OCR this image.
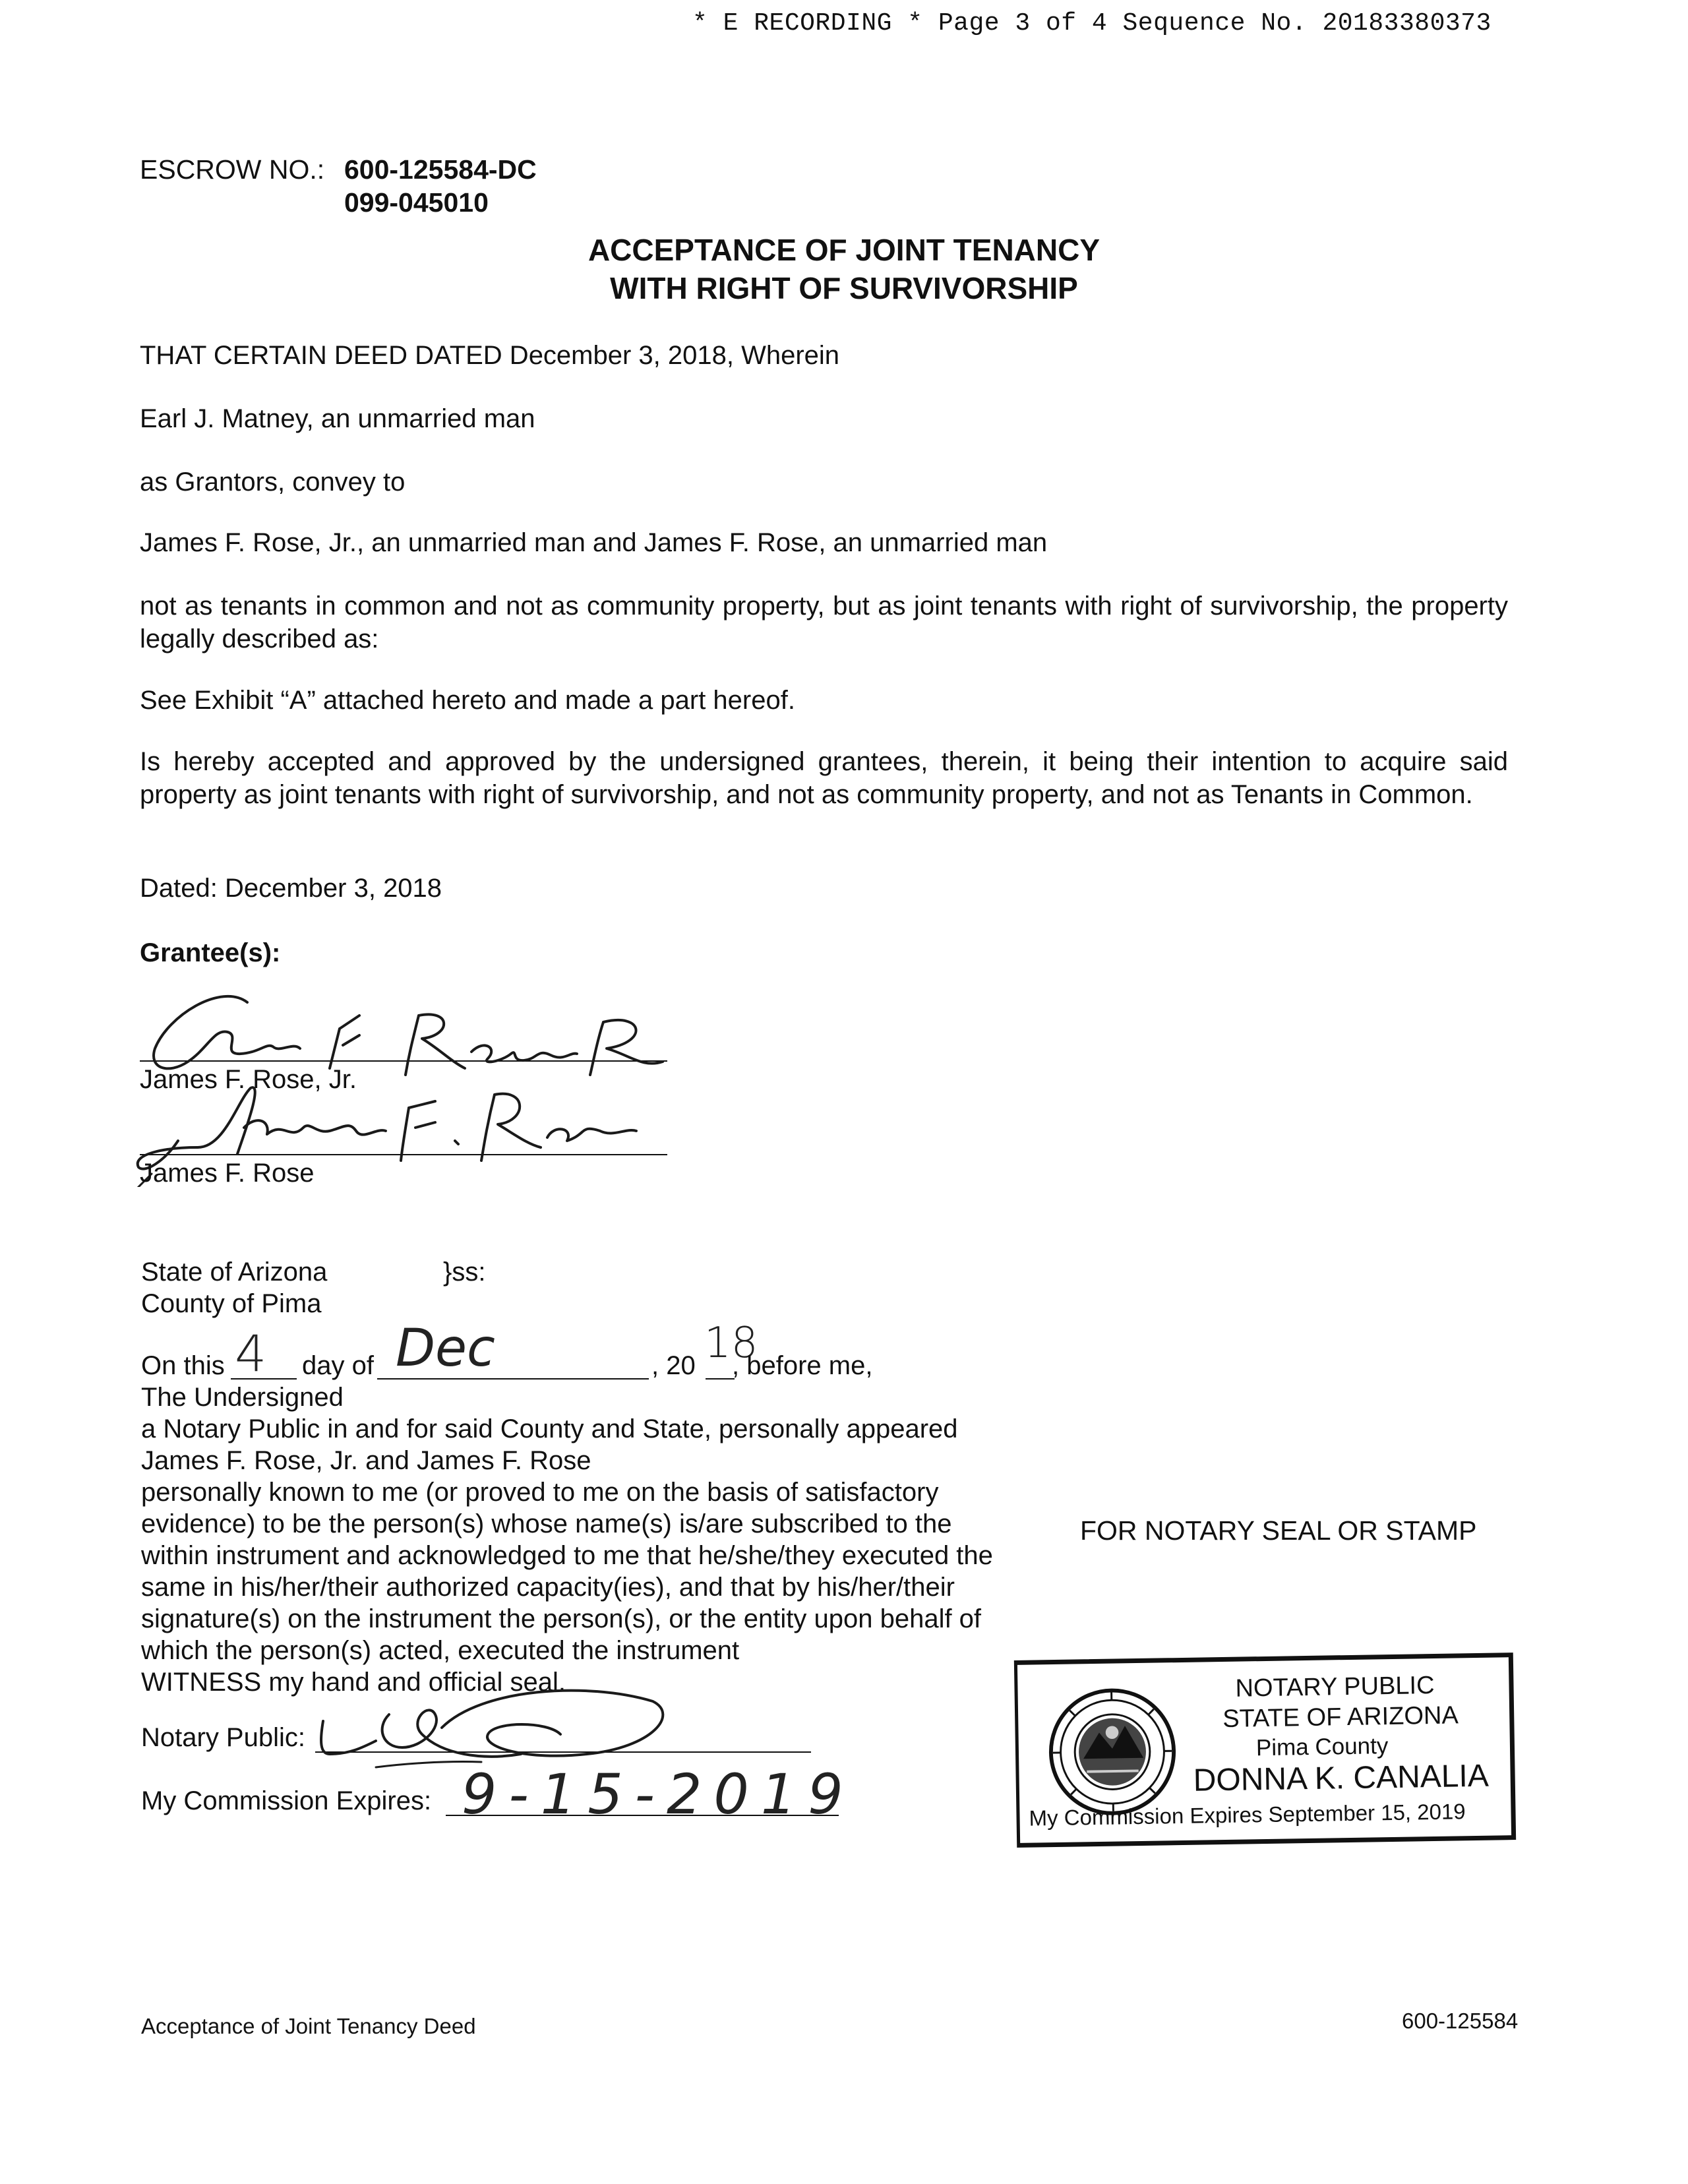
* E RECORDING * Page 3 of 4 Sequence No. 20183380373
ESCROW NO.: 600-125584-DC
099-045010
ACCEPTANCE OF JOINT TENANCY
WITH RIGHT OF SURVIVORSHIP
THAT CERTAIN DEED DATED December 3, 2018, Wherein
Earl J. Matney, an unmarried man
as Grantors, convey to
James F. Rose, Jr., an unmarried man and James F. Rose, an unmarried man
not as tenants in common and not as community property, but as joint tenants with right of survivorship, the property legally described as:
See Exhibit “A” attached hereto and made a part hereof.
Is hereby accepted and approved by the undersigned grantees, therein, it being their intention to acquire said property as joint tenants with right of survivorship, and not as community property, and not as Tenants in Common.
Dated: December 3, 2018
Grantee(s):
James F. Rose, Jr.
James F. Rose
State of Arizona	}ss:
County of Pima
On this 4 day of Dec	, 20 18
, before me,
The Undersigned
a Notary Public in and for said County and State, personally appeared
James F. Rose, Jr. and James F. Rose
personally known to me (or proved to me on the basis of satisfactory
evidence) to be the person(s) whose name(s) is/are subscribed to the
within instrument and acknowledged to me that he/she/they executed the
same in his/her/their authorized capacity(ies), and that by his/her/their
signature(s) on the instrument the person(s), or the entity upon behalf of
which the person(s) acted, executed the instrument
WITNESS my hand and official seal.
Notary Public:
My Commission Expires: 9-15-2019
FOR NOTARY SEAL OR STAMP
NOTARY PUBLIC
STATE OF ARIZONA
Pima County
DONNA K. CANALIA
My Commission Expires September 15, 2019
Acceptance of Joint Tenancy Deed	600-125584
